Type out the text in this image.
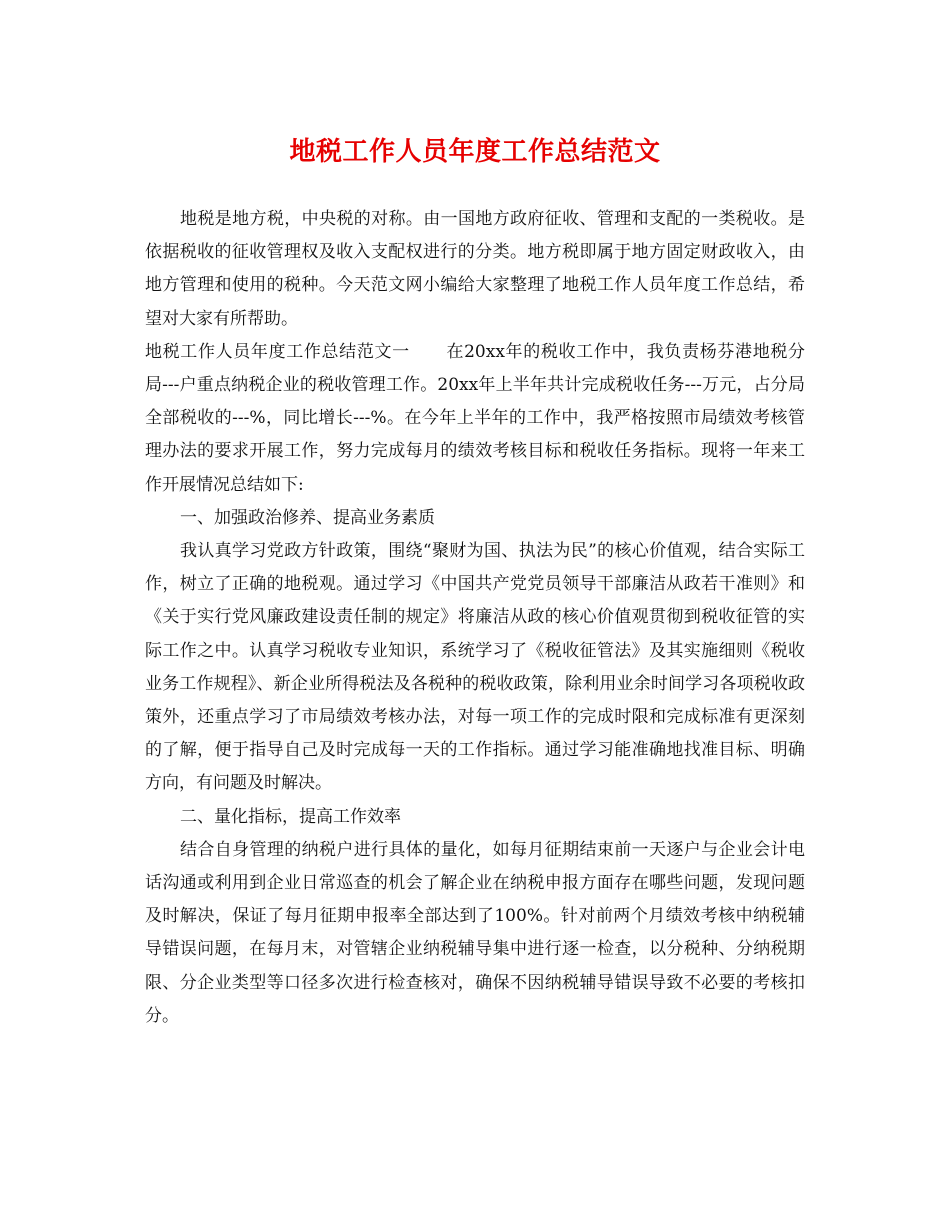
地税工作人员年度工作总结范文

地税是地方税，中央税的对称。由一国地方政府征收、管理和支配的一类税收。是依据税收的征收管理权及收入支配权进行的分类。地方税即属于地方固定财政收入，由地方管理和使用的税种。今天范文网小编给大家整理了地税工作人员年度工作总结，希望对大家有所帮助。

地税工作人员年度工作总结范文一 在20xx年的税收工作中，我负责杨芬港地税分局---户重点纳税企业的税收管理工作。20xx年上半年共计完成税收任务---万元，占分局全部税收的---%，同比增长---%。在今年上半年的工作中，我严格按照市局绩效考核管理办法的要求开展工作，努力完成每月的绩效考核目标和税收任务指标。现将一年来工作开展情况总结如下:

一、加强政治修养、提高业务素质

我认真学习党政方针政策，围绕“聚财为国、执法为民”的核心价值观，结合实际工作，树立了正确的地税观。通过学习《中国共产党党员领导干部廉洁从政若干准则》和《关于实行党风廉政建设责任制的规定》将廉洁从政的核心价值观贯彻到税收征管的实际工作之中。认真学习税收专业知识，系统学习了《税收征管法》及其实施细则《税收业务工作规程》、新企业所得税法及各税种的税收政策，除利用业余时间学习各项税收政策外，还重点学习了市局绩效考核办法，对每一项工作的完成时限和完成标准有更深刻的了解，便于指导自己及时完成每一天的工作指标。通过学习能准确地找准目标、明确方向，有问题及时解决。

二、量化指标，提高工作效率

结合自身管理的纳税户进行具体的量化，如每月征期结束前一天逐户与企业会计电话沟通或利用到企业日常巡查的机会了解企业在纳税申报方面存在哪些问题，发现问题及时解决，保证了每月征期申报率全部达到了100%。针对前两个月绩效考核中纳税辅导错误问题，在每月末，对管辖企业纳税辅导集中进行逐一检查，以分税种、分纳税期限、分企业类型等口径多次进行检查核对，确保不因纳税辅导错误导致不必要的考核扣分。
